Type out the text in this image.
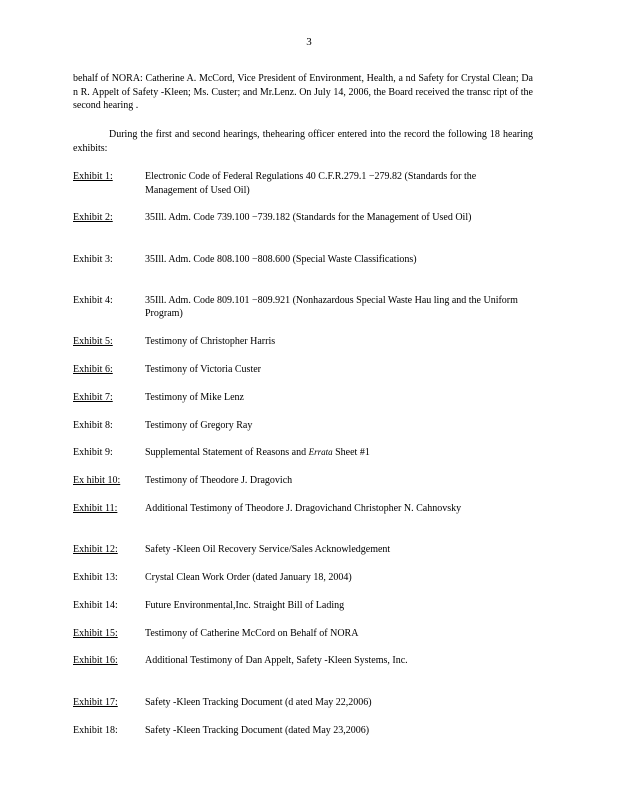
3

behalf of NORA: Catherine A. McCord, Vice President of Environment, Health, a nd Safety for Crystal Clean; Da n R. Appelt of Safety -Kleen; Ms. Custer; and Mr.Lenz. On July 14, 2006, the Board received the transc ript of the second hearing .

During the first and second hearings, thehearing officer entered into the record the following 18 hearing exhibits:

Exhibit 1:	Electronic Code of Federal Regulations 40 C.F.R.279.1 −279.82 (Standards for the Management of Used Oil)
Exhibit 2:	35Ill. Adm. Code 739.100 −739.182 (Standards for the Management of Used Oil)
Exhibit 3:	35Ill. Adm. Code 808.100 −808.600 (Special Waste Classifications)
Exhibit 4:	35Ill. Adm. Code 809.101 −809.921 (Nonhazardous Special Waste Hau ling and the Uniform Program)
Exhibit 5:	Testimony of Christopher Harris
Exhibit 6:	Testimony of Victoria Custer
Exhibit 7:	Testimony of Mike Lenz
Exhibit 8:	Testimony of Gregory Ray
Exhibit 9:	Supplemental Statement of Reasons and Errata Sheet #1
Ex hibit 10:	Testimony of Theodore J. Dragovich
Exhibit 11:	Additional Testimony of Theodore J. Dragovichand Christopher N. Cahnovsky
Exhibit 12:	Safety -Kleen Oil Recovery Service/Sales Acknowledgement
Exhibit 13:	Crystal Clean Work Order (dated January 18, 2004)
Exhibit 14:	Future Environmental,Inc. Straight Bill of Lading
Exhibit 15:	Testimony of Catherine McCord on Behalf of NORA
Exhibit 16:	Additional Testimony of Dan Appelt, Safety -Kleen Systems, Inc.
Exhibit 17:	Safety -Kleen Tracking Document (d ated May 22,2006)
Exhibit 18:	Safety -Kleen Tracking Document (dated May 23,2006)
